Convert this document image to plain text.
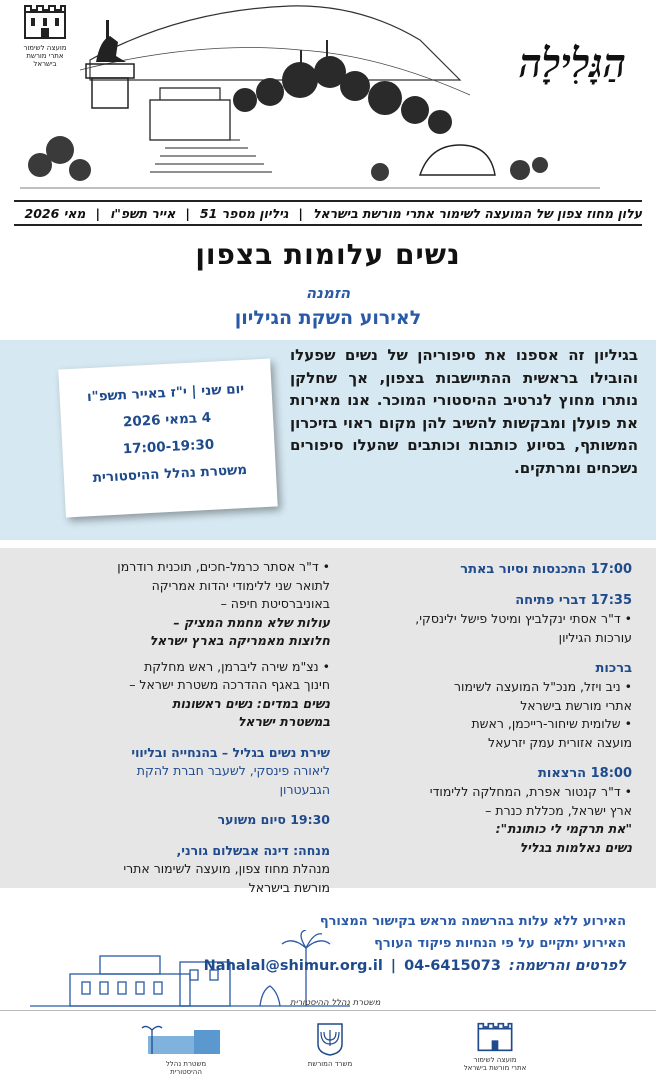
מועצה לשימור
אתרי מורשת בישראל	הַגָּלִילָה
עלון מחוז צפון של המועצה לשימור אתרי מורשת בישראל
|
גיליון מספר 51
|
אייר תשפ"ו
|
מאי 2026
נשים עלומות בצפון
הזמנה
לאירוע השקת הגיליון
בגיליון זה אספנו את סיפוריהן של נשים שפעלו והובילו בראשית ההתיישבות בצפון, אך שחלקן נותרו מחוץ לנרטיב ההיסטורי המוכר. אנו מאירות את פועלן ומבקשות להשיב להן מקום ראוי בזיכרון המשותף, בסיוע כותבות וכותבים שהעלו סיפורים נשכחים ומרתקים.
יום שני | י"ז באייר תשפ"ו
4 במאי 2026
17:00-19:30
משטרת נהלל ההיסטורית
17:00 התכנסות וסיור באתר
17:35 דברי פתיחה
• ד"ר אסתי ינקלביץ ומיטל פישל ילינסקי,
עורכות הגיליון
ברכות
• ניב ויזל, מנכ"ל המועצה לשימור
אתרי מורשת בישראל
• שלומית שיחור-רייכמן, ראשת
מועצה אזורית עמק יזרעאל
18:00 הרצאות
• ד"ר קנטור אפרת, המחלקה ללימודי
ארץ ישראל, מכללת כנרת –
"את תרקמי לי כותונת":
נשים נאלמות בגליל
• ד"ר אסתר כרמל-חכים, תוכנית רודרמן
לתואר שני ללימודי יהדות אמריקה
באוניברסיטת חיפה –
עולות שלא מחמת המציק –
חלוצות מאמריקה בארץ ישראל
• נצ"מ שירה ליברמן, ראש מחלקת
חינוך באגף ההדרכה משטרת ישראל –
נשים במדים: נשים ראשונות
במשטרת ישראל
שירת נשים בגליל – בהנחייה ובליווי
ליאורה פינסקי, לשעבר חברת להקת
הגבעטרון
19:30 סיום משוער
מנחה: דינה אבשלום גורני,
מנהלת מחוז צפון, מועצה לשימור אתרי
מורשת בישראל
משטרת נהלל ההיסטורית
האירוע ללא עלות בהרשמה מראש בקישור המצורף
האירוע יתקיים על פי הנחיות פיקוד העורף
לפרטים והרשמה:
04-6415073
|
Nahalal@shimur.org.il
מועצה לשימור
אתרי מורשת בישראל
משרד המורשת
משטרת נהלל
ההיסטורית
